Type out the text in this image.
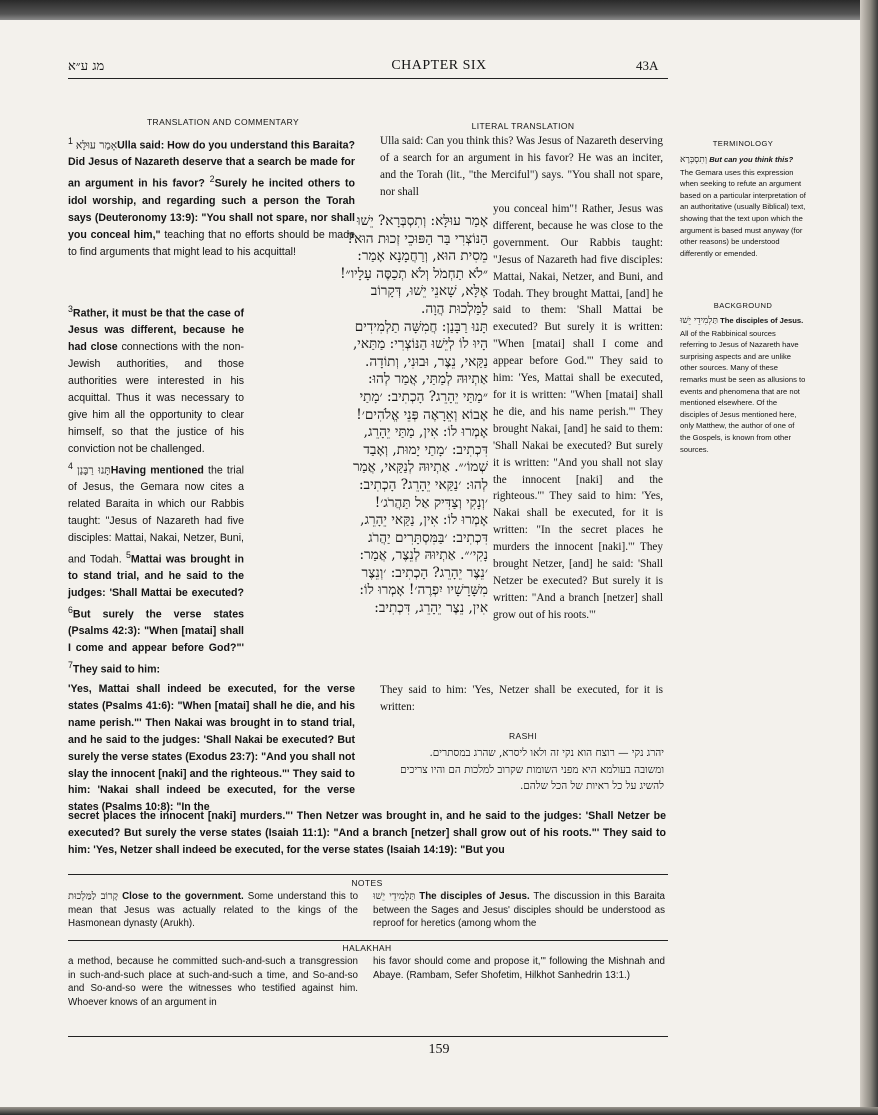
מג ע״א	CHAPTER SIX	43A
TRANSLATION AND COMMENTARY	LITERAL TRANSLATION
TERMINOLOGY
אָמַר עוּלָּא $^1$	Ulla said: How do you understand this Baraita? Did Jesus of Nazareth deserve that a search be made for an argument in his favor? $^2$Surely he incited others to idol worship, and regarding such a person the Torah says (Deuteronomy 13:9): "You shall not spare, nor shall you conceal him," teaching that no efforts should be made to find arguments that might lead to his acquittal!
$^3$Rather, it must be that the case of Jesus was different, because he had close connections with the non-Jewish authorities, and those authorities were interested in his acquittal. Thus it was necessary to give him all the opportunity to clear himself, so that the justice of his conviction not be challenged.
תָּנוּ רַבָּנַן $^4$	Having mentioned the trial of Jesus, the Gemara now cites a related Baraita in which our Rabbis taught: "Jesus of Nazareth had five disciples: Mattai, Nakai, Netzer, Buni, and Todah. $^5$Mattai was brought in to stand trial, and he said to the judges: 'Shall Mattai be executed? $^6$But surely the verse states (Psalms 42:3): "When [matai] shall I come and appear before God?"' $^7$They said to him:
'Yes, Mattai shall indeed be executed, for the verse states (Psalms 41:6): "When [matai] shall he die, and his name perish."' Then Nakai was brought in to stand trial, and he said to the judges: 'Shall Nakai be executed? But surely the verse states (Exodus 23:7): "And you shall not slay the innocent [naki] and the righteous."' They said to him: 'Nakai shall indeed be executed, for the verse states (Psalms 10:8): "In the
secret places the innocent [naki] murders."' Then Netzer was brought in, and he said to the judges: 'Shall Netzer be executed? But surely the verse states (Isaiah 11:1): "And a branch [netzer] shall grow out of his roots."' They said to him: 'Yes, Netzer shall indeed be executed, for the verse states (Isaiah 14:19): "But you
אָמַר עוּלָּא: וְתִסְבְּרָא? יֵשׁוּ
הַנּוֹצְרִי בַּר הַפּוּכֵי זְכוּת הוּא?
מֵסִית הוּא, וְרַחֲמָנָא אָמַר:
״לֹא תַחְמֹל וְלֹא תְכַסֶּה עָלָיו״!
אֶלָּא, שָׁאנֵי יֵשׁוּ, דְּקָרוֹב
לַמַּלְכוּת הֲוָה.
תָּנוּ רַבָּנַן: חֲמִשָּׁה תַלְמִידִים
הָיוּ לוֹ לְיֵשׁוּ הַנּוֹצְרִי: מַתַּאי,
נַקַּאי, נֵצֶר, וּבוּנִי, וְתוֹדָה.
אַתְיוּהּ לְמַתַּי, אֲמַר לְהוּ:
״מַתַּי יֵהָרֵג? הָכְתִיב: ׳מָתַי
אָבוֹא וְאֵרָאֶה פְּנֵי אֱלֹהִים׳!
אָמְרוּ לוֹ: אִין, מַתַּי יֵהָרֵג,
דִּכְתִיב: ׳מָתַי יָמוּת, וְאָבַד
שְׁמוֹ׳״. אַתְיוּהּ לְנַקַּאי, אֲמַר
לְהוּ: ׳נַקַּאי יֵהָרֵג? הָכְתִיב:
׳וְנָקִי וְצַדִּיק אַל תַּהֲרֹג׳!
אָמְרוּ לוֹ: אִין, נַקַּאי יֵהָרֵג,
דִּכְתִיב: ׳בַּמִּסְתָּרִים יַהֲרֹג
נָקִי׳״. אַתְיוּהּ לְנֵצֶר, אֲמַר:
׳נֵצֶר יֵהָרֵג? הָכְתִיב: ׳וְנֵצֶר
מִשָּׁרָשָׁיו יִפְרֶה׳! אָמְרוּ לוֹ:
אִין, נֵצֶר יֵהָרֵג, דִּכְתִיב:
Ulla said: Can you think this? Was Jesus of Nazareth deserving of a search for an argument in his favor? He was an inciter, and the Torah (lit., "the Merciful") says. "You shall not spare, nor shall
you conceal him"! Rather, Jesus was different, because he was close to the government. Our Rabbis taught: "Jesus of Nazareth had five disciples: Mattai, Nakai, Netzer, and Buni, and Todah. They brought Mattai, [and] he said to them: 'Shall Mattai be executed? But surely it is written: "When [matai] shall I come and appear before God."' They said to him: 'Yes, Mattai shall be executed, for it is written: "When [matai] shall he die, and his name perish."' They brought Nakai, [and] he said to them: 'Shall Nakai be executed? But surely it is written: "And you shall not slay the innocent [naki] and the righteous."' They said to him: 'Yes, Nakai shall be executed, for it is written: "In the secret places he murders the innocent [naki]."' They brought Netzer, [and] he said: 'Shall Netzer be executed? But surely it is written: "And a branch [netzer] shall grow out of his roots."'
They said to him: 'Yes, Netzer shall be executed, for it is written:
וְתִסְבְּרָא But can you think this? The Gemara uses this expression when seeking to refute an argument based on a particular interpretation of an authoritative (usually Biblical) text, showing that the text upon which the argument is based must anyway (for other reasons) be understood differently or emended.
BACKGROUND
תַּלְמִידֵי יֵשׁוּ The disciples of Jesus. All of the Rabbinical sources referring to Jesus of Nazareth have surprising aspects and are unlike other sources. Many of these remarks must be seen as allusions to events and phenomena that are not mentioned elsewhere. Of the disciples of Jesus mentioned here, only Matthew, the author of one of the Gospels, is known from other sources.
RASHI
יהרג נקי — רוצח הוא נקי זה ולאו ליסרא, שהרג במסתרים.
ומשובה בעולמא היא מפני השומות שקרוב למלכות הם והיו צריכים
להשיג על כל ראיות של הכל שלהם.
NOTES
קָרוֹב לַמַּלְכוּת Close to the government. Some understand this to mean that Jesus was actually related to the kings of the Hasmonean dynasty (Arukh).
תַּלְמִידֵי יֵשׁוּ The disciples of Jesus. The discussion in this Baraita between the Sages and Jesus' disciples should be understood as reproof for heretics (among whom the
HALAKHAH
a method, because he committed such-and-such a transgression in such-and-such place at such-and-such a time, and So-and-so and So-and-so were the witnesses who testified against him. Whoever knows of an argument in
his favor should come and propose it,'" following the Mishnah and Abaye. (Rambam, Sefer Shofetim, Hilkhot Sanhedrin 13:1.)
159
